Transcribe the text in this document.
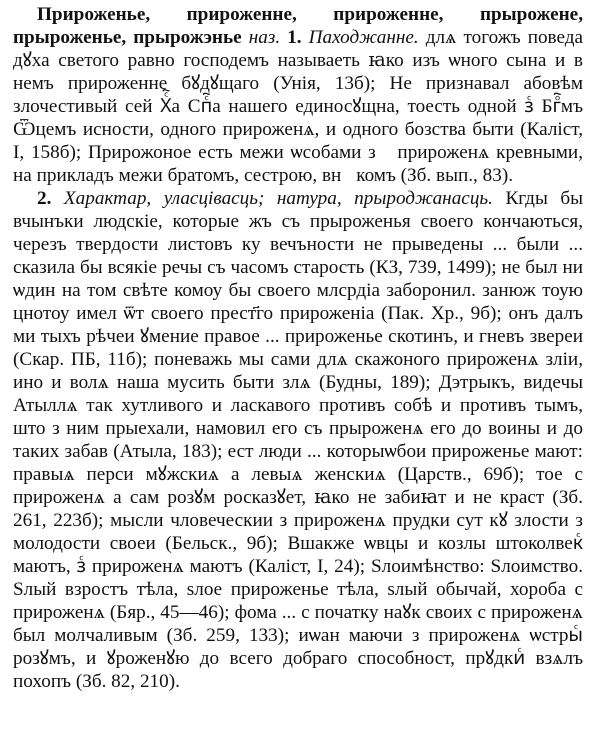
Прироженье, прироженне, прироженне, прырожене, прыроженье, прырожэнье наз. 1. Паходжанне. длѧ тогожъ поведа дꙋха светого равно господемъ называеть ꙗко изъ ѡного сына и в немъ прироженне бꙋдꙋщаго (Унія, 13б); Не признавал абовѣм злочестивый сей Хⷭ҇а Спⷭ҇а нашего единосꙋщна, тоесть одной зⷭ Бгⷪ҇мъ Ѿцемъ исности, одного прироженѧ, и одного бозства быти (Каліст, I, 158б); Прирожоное есть межи ѡсобами зⷭ прироженѧ кревными, на прикладъ межи братомъ, сестрою, внꙋкомъ (Зб. вып., 83).

2. Характар, уласцівасць; натура, прыроджанасць. Кгды бы вчынъки людскіе, которые жъ съ прыроженья своего кончаються, черезъ твердости листовъ ку вечъности не прыведены ... были ... сказила бы всякіе речы съ часомъ старость (КЗ, 739, 1499); не был ни ѡдин на том свѣте комоу бы своего млсрдіа заборонил. занюж тоую цнотоу имел ѿт своего прест҃го прироженіа (Пак. Хр., 9б); онъ далъ ми тыхъ рѣчеи ꙋмение правое ... прироженье скотинъ, и гневъ звереи (Скар. ПБ, 11б); поневажь мы сами длѧ скажоного прироженѧ зліи, ино и волѧ наша мусить быти злѧ (Будны, 189); Дэтрыкъ, видечы Атыллѧ так хутливого и ласкавого противъ собѣ и противъ тымъ, што з ним прыехали, намовил его съ прыроженѧ его до воины и до таких забав (Атыла, 183); ест люди ... которыѡбои прироженье мают: правыѧ перси мꙋжскиѧ а левыѧ женскиѧ (Царств., 69б); тое с прироженѧ а сам розꙋм росказꙋет, ꙗко не забиꙗт и не краст (Зб. 261, 223б); мысли чловеческии з прироженѧ прудки сут кꙋ злости з молодости своеи (Бельск., 9б); Вшакже ѡвцы и козлы штоколвекⷭ маютъ, зⷭ прироженѧ маютъ (Каліст, I, 24); Ѕлоимѣнство: Ѕлоимство. Ѕлый взростъ тѣла, ѕлое прироженье тѣла, ѕлый обычай, хороба с прироженѧ (Бяр., 45—46); фома ... с початку наꙋк своих с прироженѧ был молчаливым (Зб. 259, 133); иѡан маючи з прироженѧ ѡстрыⷭ розꙋмъ, и ꙋроженꙋю до всего добраго способност, прꙋдкиⷭ взѧлъ похопъ (Зб. 82, 210).
